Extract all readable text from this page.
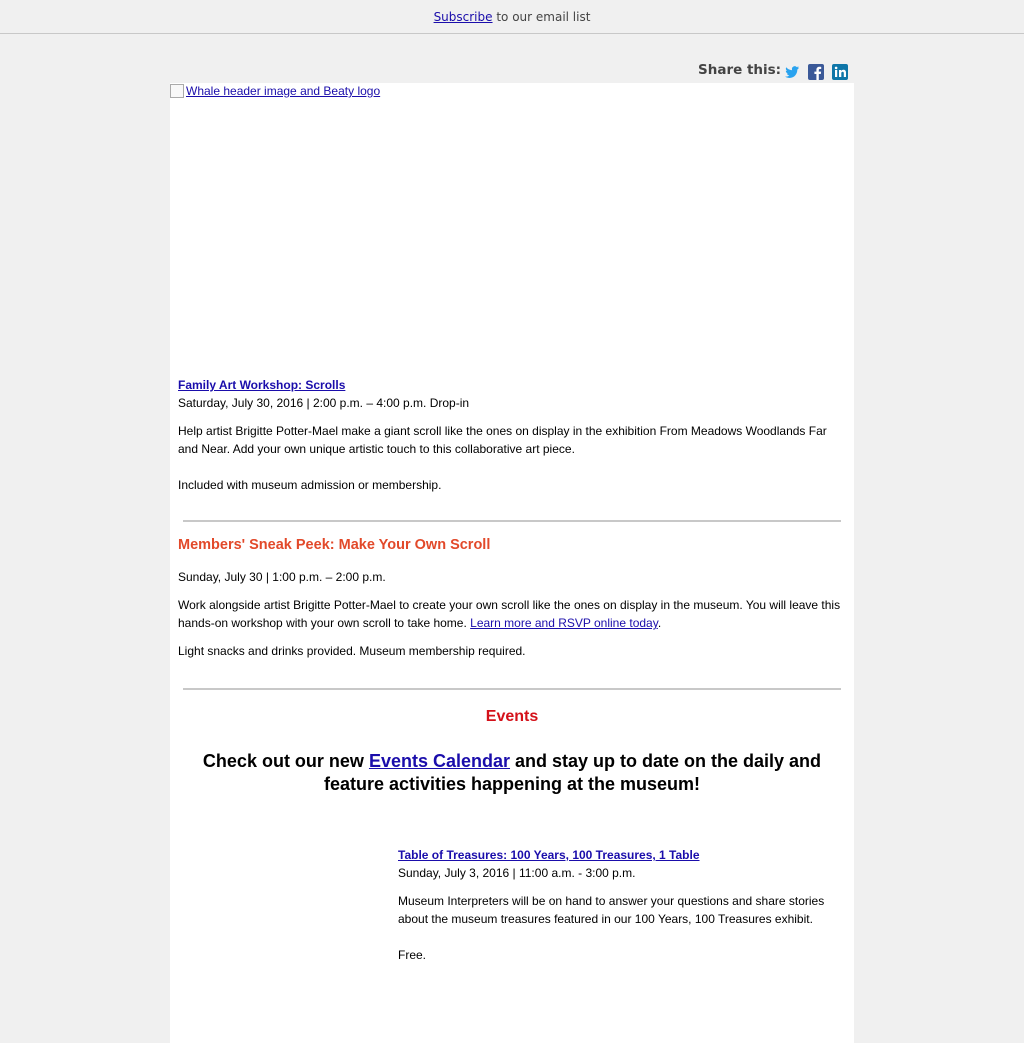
Subscribe to our email list
Share this:
Whale header image and Beaty logo
Family Art Workshop: Scrolls
Saturday, July 30, 2016 | 2:00 p.m. – 4:00 p.m. Drop-in
Help artist Brigitte Potter-Mael make a giant scroll like the ones on display in the exhibition From Meadows Woodlands Far and Near. Add your own unique artistic touch to this collaborative art piece.
Included with museum admission or membership.
Members' Sneak Peek: Make Your Own Scroll
Sunday, July 30 | 1:00 p.m. – 2:00 p.m.
Work alongside artist Brigitte Potter-Mael to create your own scroll like the ones on display in the museum. You will leave this hands-on workshop with your own scroll to take home. Learn more and RSVP online today.
Light snacks and drinks provided. Museum membership required.
Events
Check out our new Events Calendar and stay up to date on the daily and feature activities happening at the museum!
Table of Treasures: 100 Years, 100 Treasures, 1 Table
Sunday, July 3, 2016 | 11:00 a.m. - 3:00 p.m.
Museum Interpreters will be on hand to answer your questions and share stories about the museum treasures featured in our 100 Years, 100 Treasures exhibit.
Free.
